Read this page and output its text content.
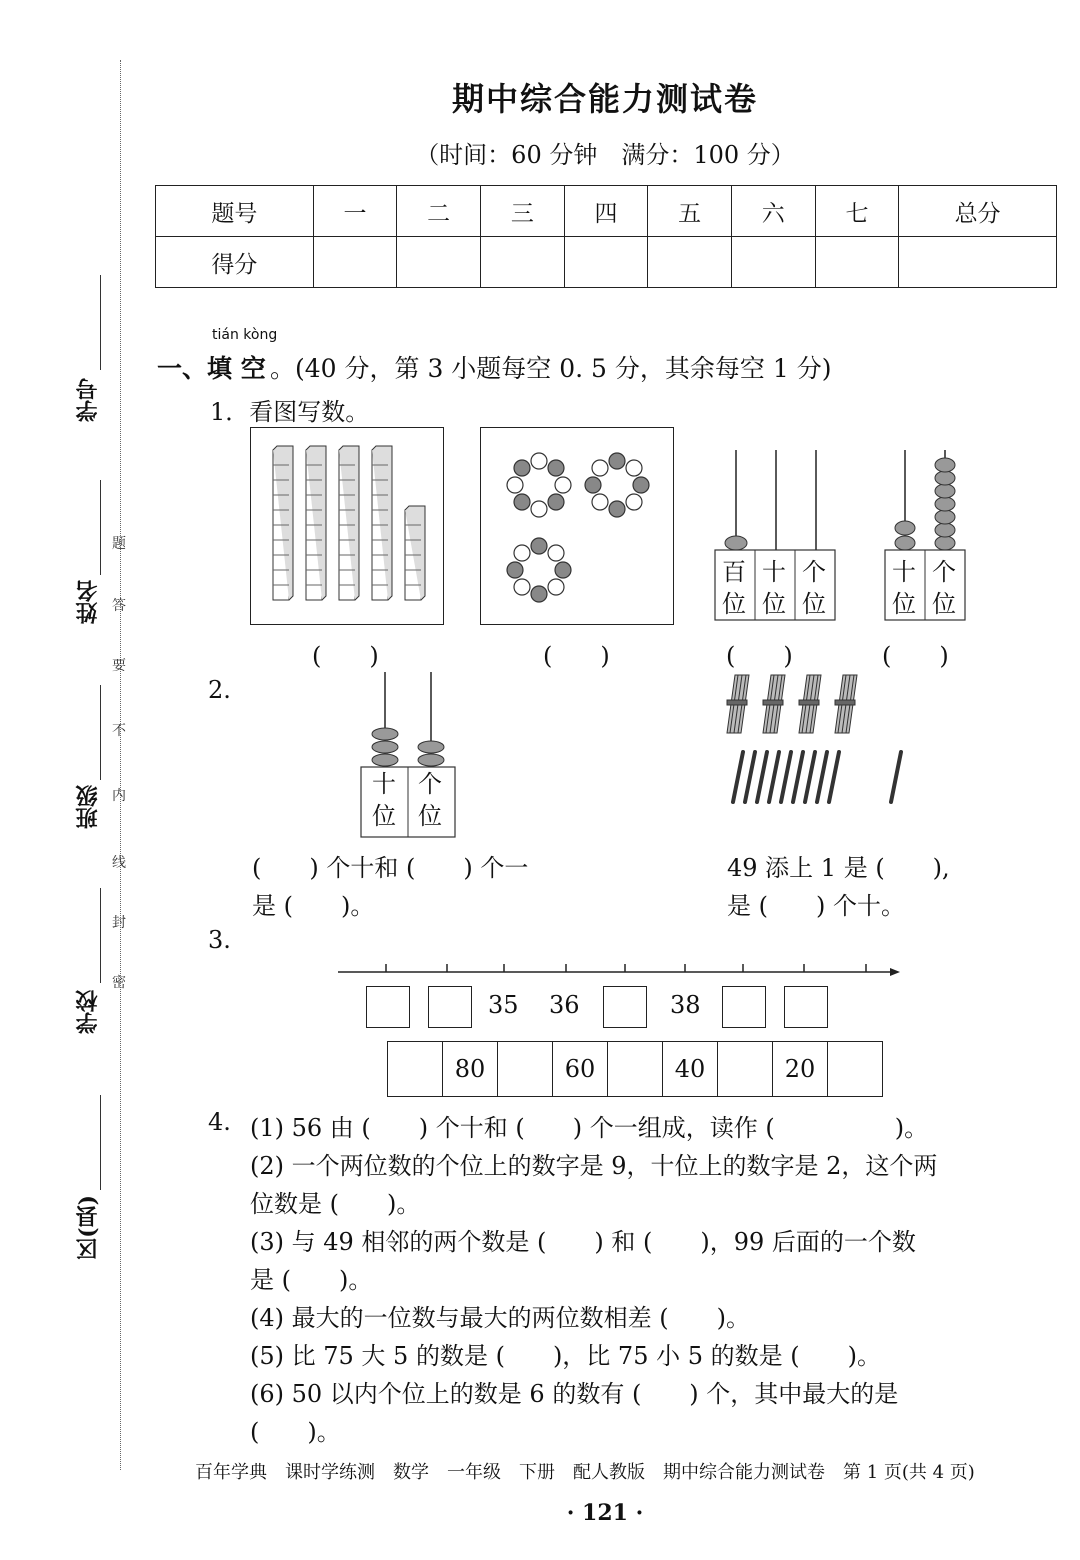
学号
姓名
班级
学校
区(县)
密
封
线
内
不
要
答
题
期中综合能力测试卷
（时间：60 分钟　满分：100 分）
题号	一	二	三	四	五	六	七	总分
得分								
tián kòng
一、填 空 。(40 分，第 3 小题每空 0. 5 分，其余每空 1 分)
1．看图写数。
百
位
十
位
个
位
十
位
个
位
(　　)	(　　)	(　　)	(　　)
2.
十
位
个
位
(　　) 个十和 (　　) 个一
是 (　　)。
49 添上 1 是 (　　),
是 (　　) 个十。
3.
35 36	38
80	60	40	20
4. (1) 56 由 (　　) 个十和 (　　) 个一组成，读作 (　　　　　)。
(2) 一个两位数的个位上的数字是 9，十位上的数字是 2，这个两
位数是 (　　)。
(3) 与 49 相邻的两个数是 (　　) 和 (　　)，99 后面的一个数
是 (　　)。
(4) 最大的一位数与最大的两位数相差 (　　)。
(5) 比 75 大 5 的数是 (　　)，比 75 小 5 的数是 (　　)。
(6) 50 以内个位上的数是 6 的数有 (　　) 个，其中最大的是
(　　)。
百年学典　课时学练测　数学　一年级　下册　配人教版　期中综合能力测试卷　第 1 页(共 4 页)
· 121 ·
